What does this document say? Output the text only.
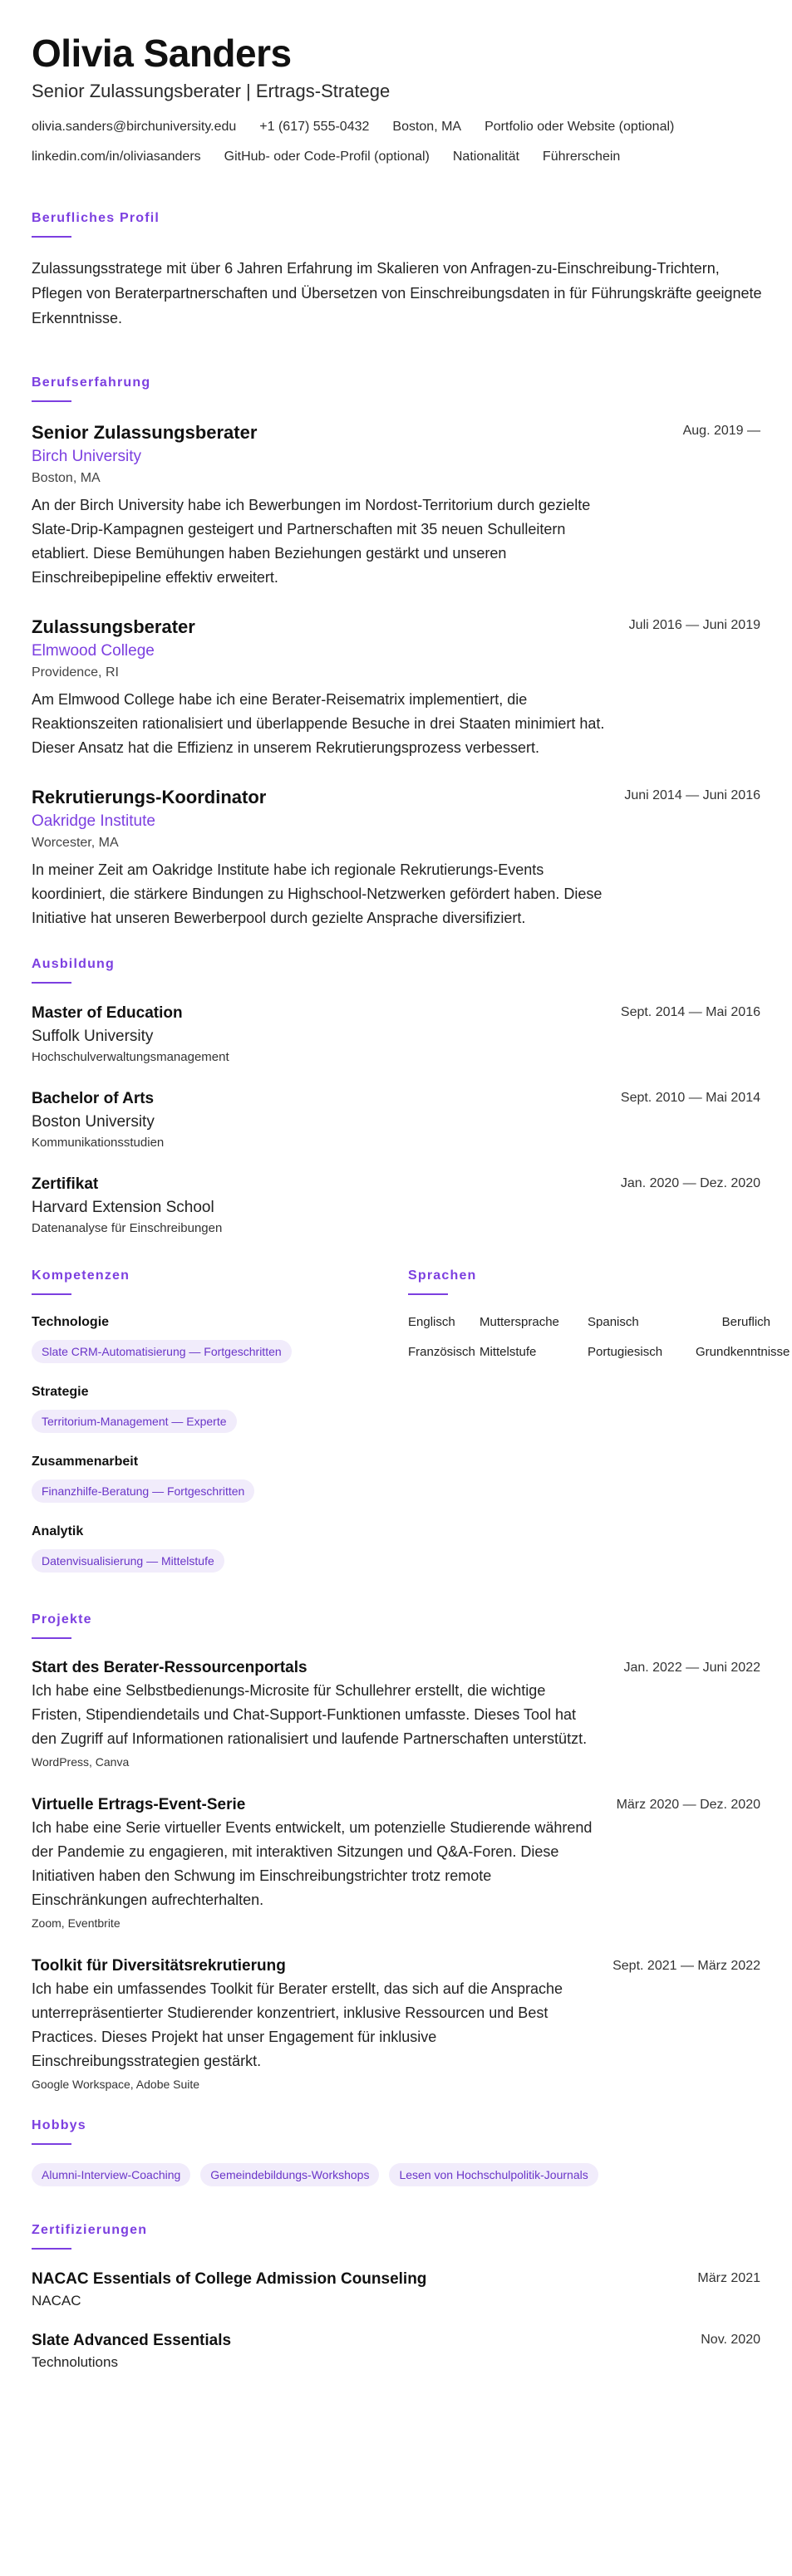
Olivia Sanders
Senior Zulassungsberater | Ertrags-Stratege
olivia.sanders@birchuniversity.edu +1 (617) 555-0432 Boston, MA Portfolio oder Website (optional)
linkedin.com/in/oliviasanders GitHub- oder Code-Profil (optional) Nationalität Führerschein
Berufliches Profil
Zulassungsstratege mit über 6 Jahren Erfahrung im Skalieren von Anfragen-zu-Einschreibung-Trichtern, Pflegen von Beraterpartnerschaften und Übersetzen von Einschreibungsdaten in für Führungskräfte geeignete Erkenntnisse.
Berufserfahrung
Senior Zulassungsberater
Birch University
Boston, MA
An der Birch University habe ich Bewerbungen im Nordost-Territorium durch gezielte Slate-Drip-Kampagnen gesteigert und Partnerschaften mit 35 neuen Schulleitern etabliert. Diese Bemühungen haben Beziehungen gestärkt und unseren Einschreibepipeline effektiv erweitert.
Aug. 2019 —
Zulassungsberater
Elmwood College
Providence, RI
Am Elmwood College habe ich eine Berater-Reisematrix implementiert, die Reaktionszeiten rationalisiert und überlappende Besuche in drei Staaten minimiert hat. Dieser Ansatz hat die Effizienz in unserem Rekrutierungsprozess verbessert.
Juli 2016 — Juni 2019
Rekrutierungs-Koordinator
Oakridge Institute
Worcester, MA
In meiner Zeit am Oakridge Institute habe ich regionale Rekrutierungs-Events koordiniert, die stärkere Bindungen zu Highschool-Netzwerken gefördert haben. Diese Initiative hat unseren Bewerberpool durch gezielte Ansprache diversifiziert.
Juni 2014 — Juni 2016
Ausbildung
Master of Education
Suffolk University
Hochschulverwaltungsmanagement
Sept. 2014 — Mai 2016
Bachelor of Arts
Boston University
Kommunikationsstudien
Sept. 2010 — Mai 2014
Zertifikat
Harvard Extension School
Datenanalyse für Einschreibungen
Jan. 2020 — Dez. 2020
Kompetenzen
Technologie
Slate CRM-Automatisierung — Fortgeschritten
Strategie
Territorium-Management — Experte
Zusammenarbeit
Finanzhilfe-Beratung — Fortgeschritten
Analytik
Datenvisualisierung — Mittelstufe
Sprachen
Englisch	Muttersprache	Spanisch	Beruflich
Französisch Mittelstufe	Portugiesisch	Grundkenntnisse
Projekte
Start des Berater-Ressourcenportals
Ich habe eine Selbstbedienungs-Microsite für Schullehrer erstellt, die wichtige Fristen, Stipendiendetails und Chat-Support-Funktionen umfasste. Dieses Tool hat den Zugriff auf Informationen rationalisiert und laufende Partnerschaften unterstützt.
WordPress, Canva
Jan. 2022 — Juni 2022
Virtuelle Ertrags-Event-Serie
Ich habe eine Serie virtueller Events entwickelt, um potenzielle Studierende während der Pandemie zu engagieren, mit interaktiven Sitzungen und Q&A-Foren. Diese Initiativen haben den Schwung im Einschreibungstrichter trotz remote Einschränkungen aufrechterhalten.
Zoom, Eventbrite
März 2020 — Dez. 2020
Toolkit für Diversitätsrekrutierung
Ich habe ein umfassendes Toolkit für Berater erstellt, das sich auf die Ansprache unterrepräsentierter Studierender konzentriert, inklusive Ressourcen und Best Practices. Dieses Projekt hat unser Engagement für inklusive Einschreibungsstrategien gestärkt.
Google Workspace, Adobe Suite
Sept. 2021 — März 2022
Hobbys
Alumni-Interview-Coaching	Gemeindebildungs-Workshops	Lesen von Hochschulpolitik-Journals
Zertifizierungen
NACAC Essentials of College Admission Counseling
NACAC
März 2021
Slate Advanced Essentials
Technolutions
Nov. 2020
